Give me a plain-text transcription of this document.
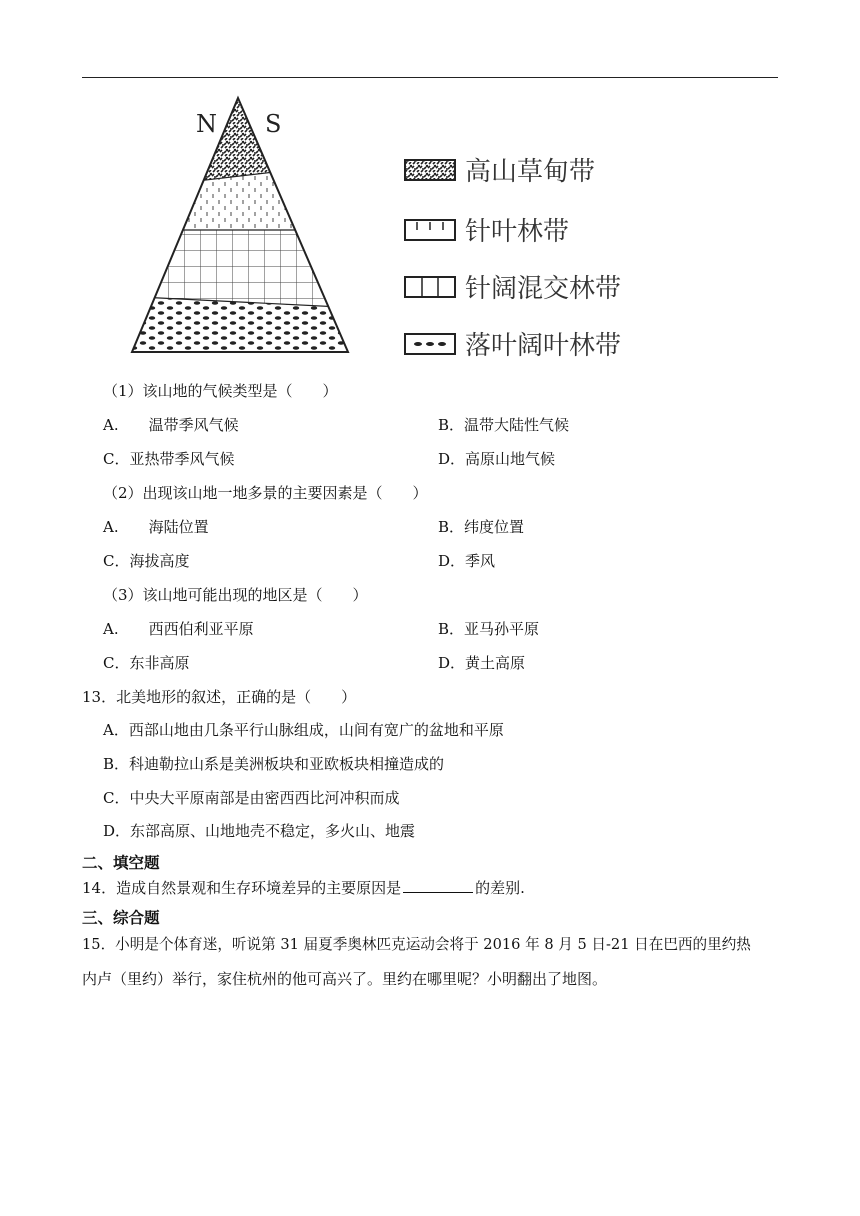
N S
高山草甸带
针叶林带
针阔混交林带
落叶阔叶林带
（1）该山地的气候类型是（　　）
A.　　温带季风气候	B．温带大陆性气候
C．亚热带季风气候	D．高原山地气候
（2）出现该山地一地多景的主要因素是（　　）
A.　　海陆位置	B．纬度位置
C．海拔高度	D．季风
（3）该山地可能出现的地区是（　　）
A.　　西西伯利亚平原	B．亚马孙平原
C．东非高原	D．黄土高原
13．北美地形的叙述，正确的是（　　）
A．西部山地由几条平行山脉组成，山间有宽广的盆地和平原
B．科迪勒拉山系是美洲板块和亚欧板块相撞造成的
C．中央大平原南部是由密西西比河冲积而成
D．东部高原、山地地壳不稳定，多火山、地震
二、填空题
14．造成自然景观和生存环境差异的主要原因是	的差别.
三、综合题
15．小明是个体育迷，听说第 31 届夏季奥林匹克运动会将于 2016 年 8 月 5 日-21 日在巴西的里约热
内卢（里约）举行，家住杭州的他可高兴了。里约在哪里呢？小明翻出了地图。
